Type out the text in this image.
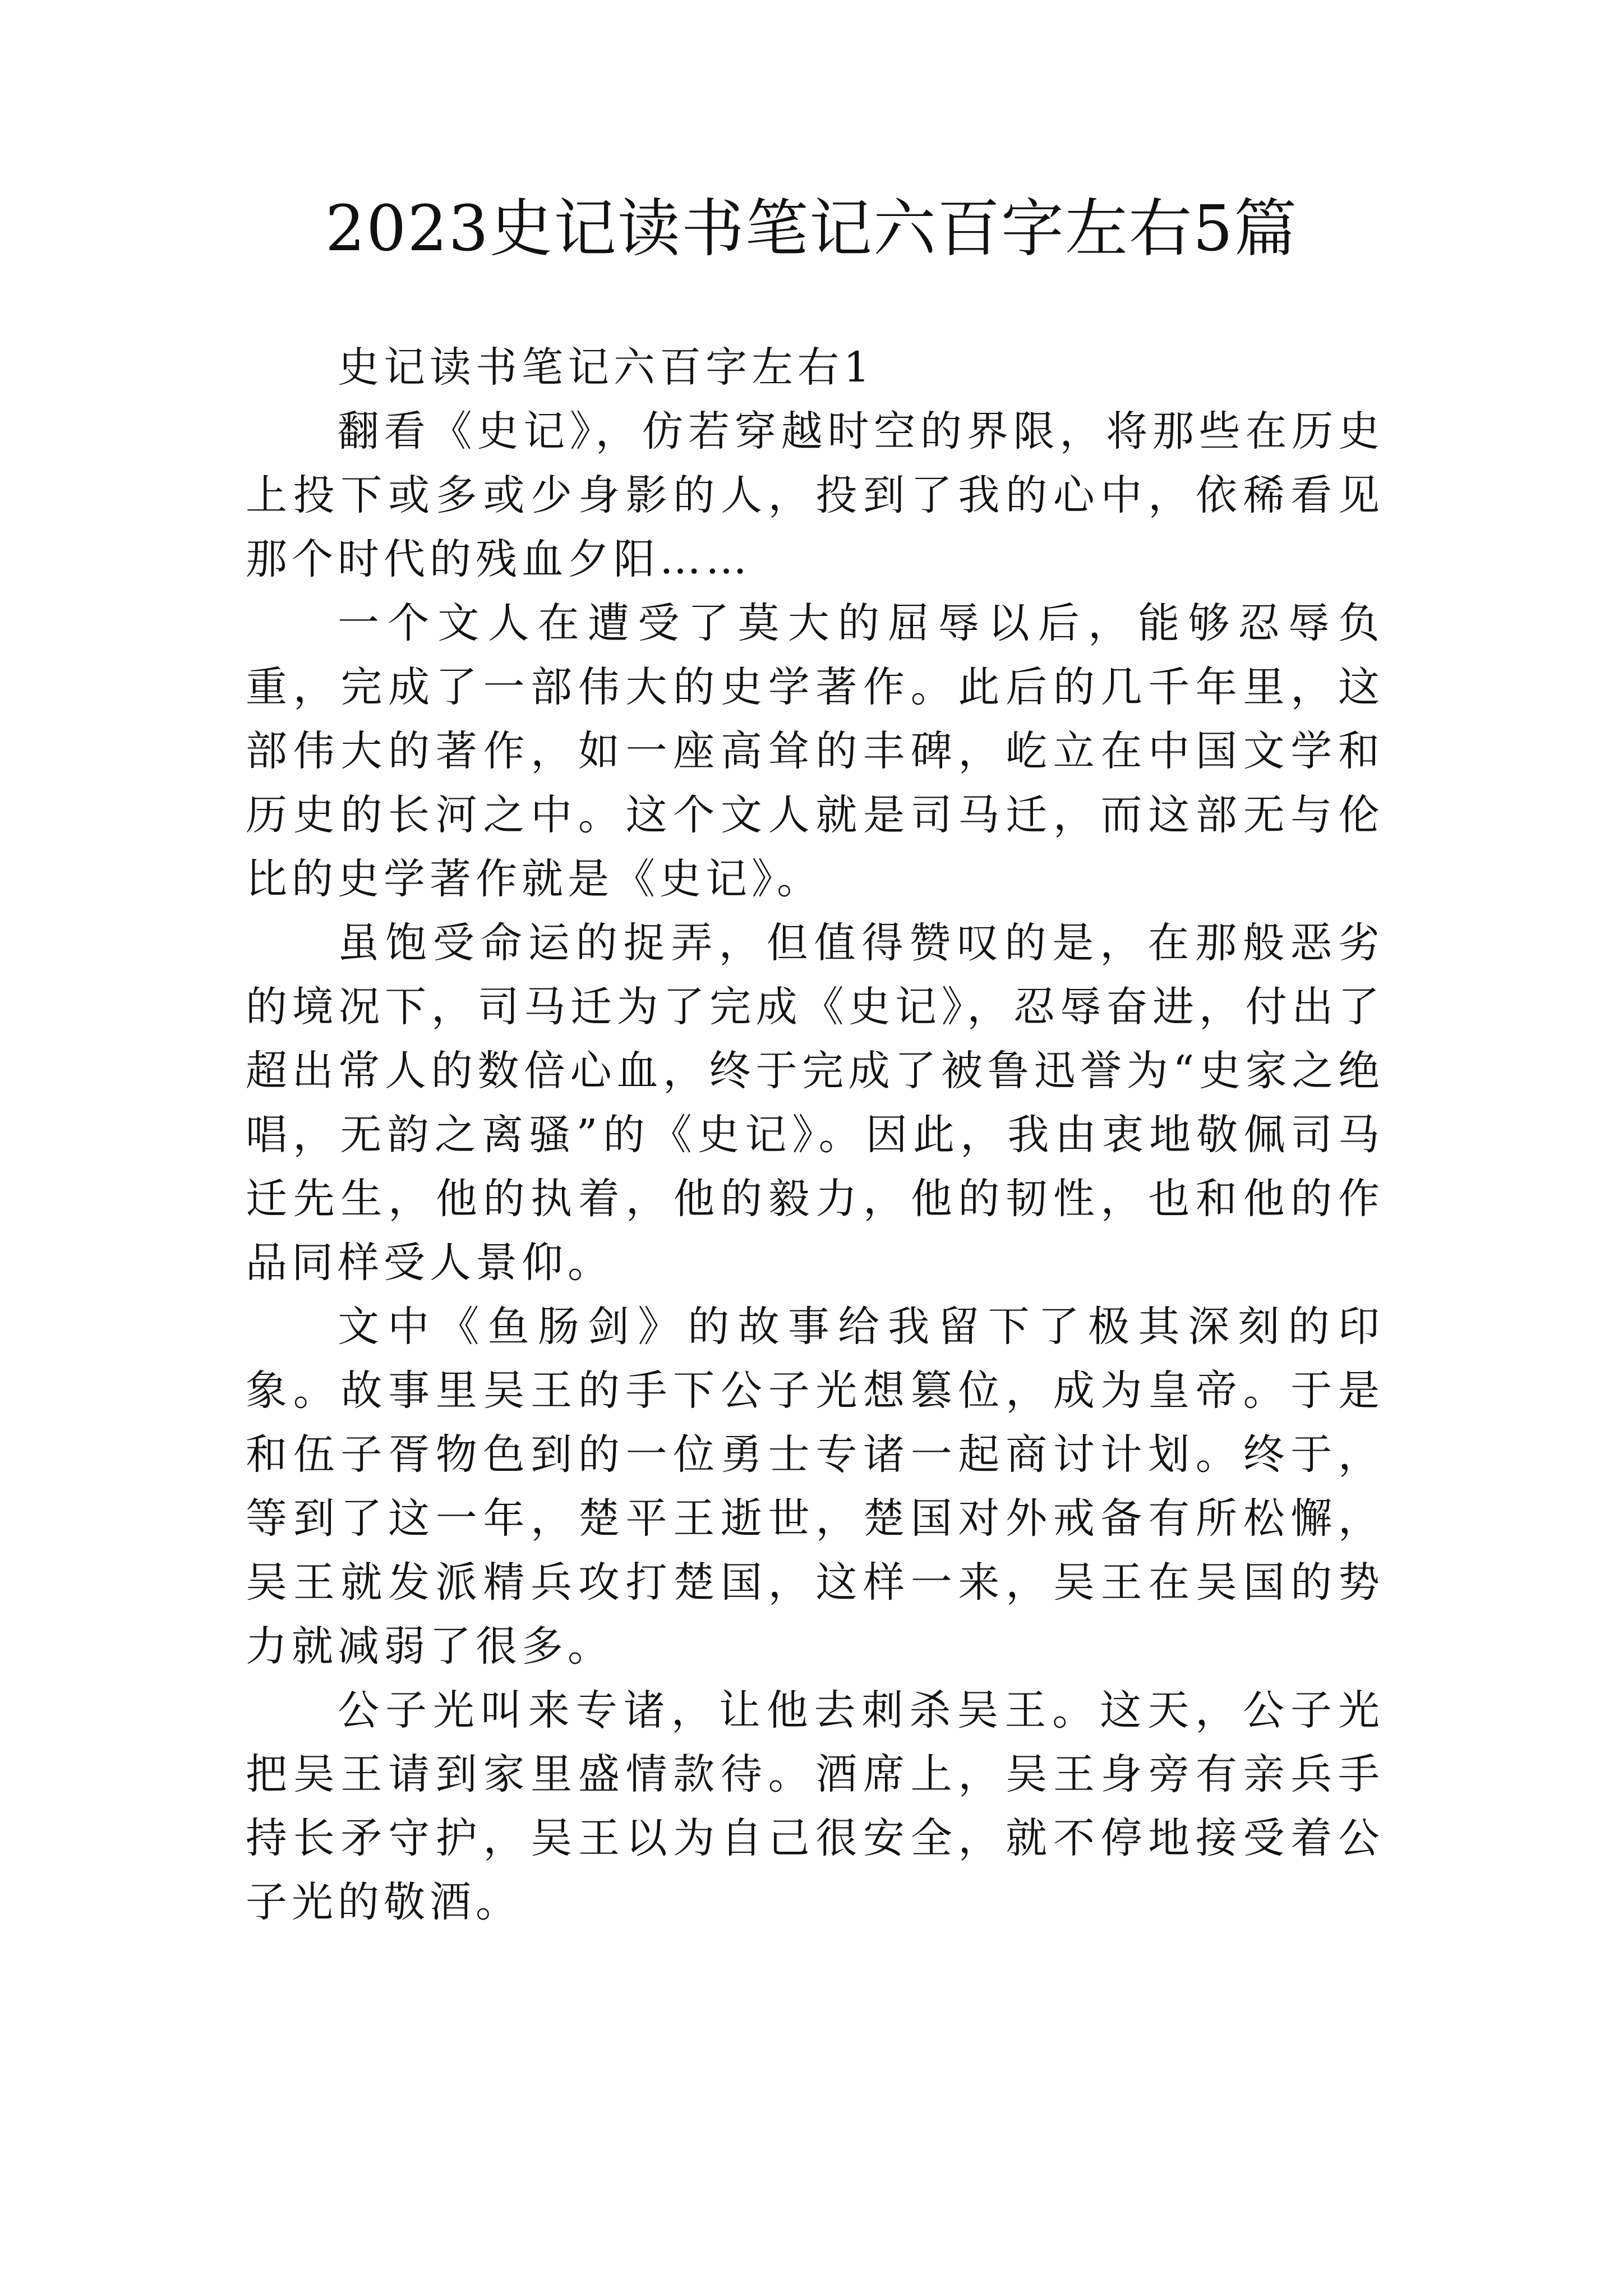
2023史记读书笔记六百字左右5篇

史记读书笔记六百字左右1

翻看《史记》，仿若穿越时空的界限，将那些在历史上投下或多或少身影的人，投到了我的心中，依稀看见那个时代的残血夕阳……

一个文人在遭受了莫大的屈辱以后，能够忍辱负重，完成了一部伟大的史学著作。此后的几千年里，这部伟大的著作，如一座高耸的丰碑，屹立在中国文学和历史的长河之中。这个文人就是司马迁，而这部无与伦比的史学著作就是《史记》。

虽饱受命运的捉弄，但值得赞叹的是，在那般恶劣的境况下，司马迁为了完成《史记》，忍辱奋进，付出了超出常人的数倍心血，终于完成了被鲁迅誉为“史家之绝唱，无韵之离骚”的《史记》。因此，我由衷地敬佩司马迁先生，他的执着，他的毅力，他的韧性，也和他的作品同样受人景仰。

文中《鱼肠剑》的故事给我留下了极其深刻的印象。故事里吴王的手下公子光想篡位，成为皇帝。于是和伍子胥物色到的一位勇士专诸一起商讨计划。终于，等到了这一年，楚平王逝世，楚国对外戒备有所松懈，吴王就发派精兵攻打楚国，这样一来，吴王在吴国的势力就减弱了很多。

公子光叫来专诸，让他去刺杀吴王。这天，公子光把吴王请到家里盛情款待。酒席上，吴王身旁有亲兵手持长矛守护，吴王以为自己很安全，就不停地接受着公子光的敬酒。
